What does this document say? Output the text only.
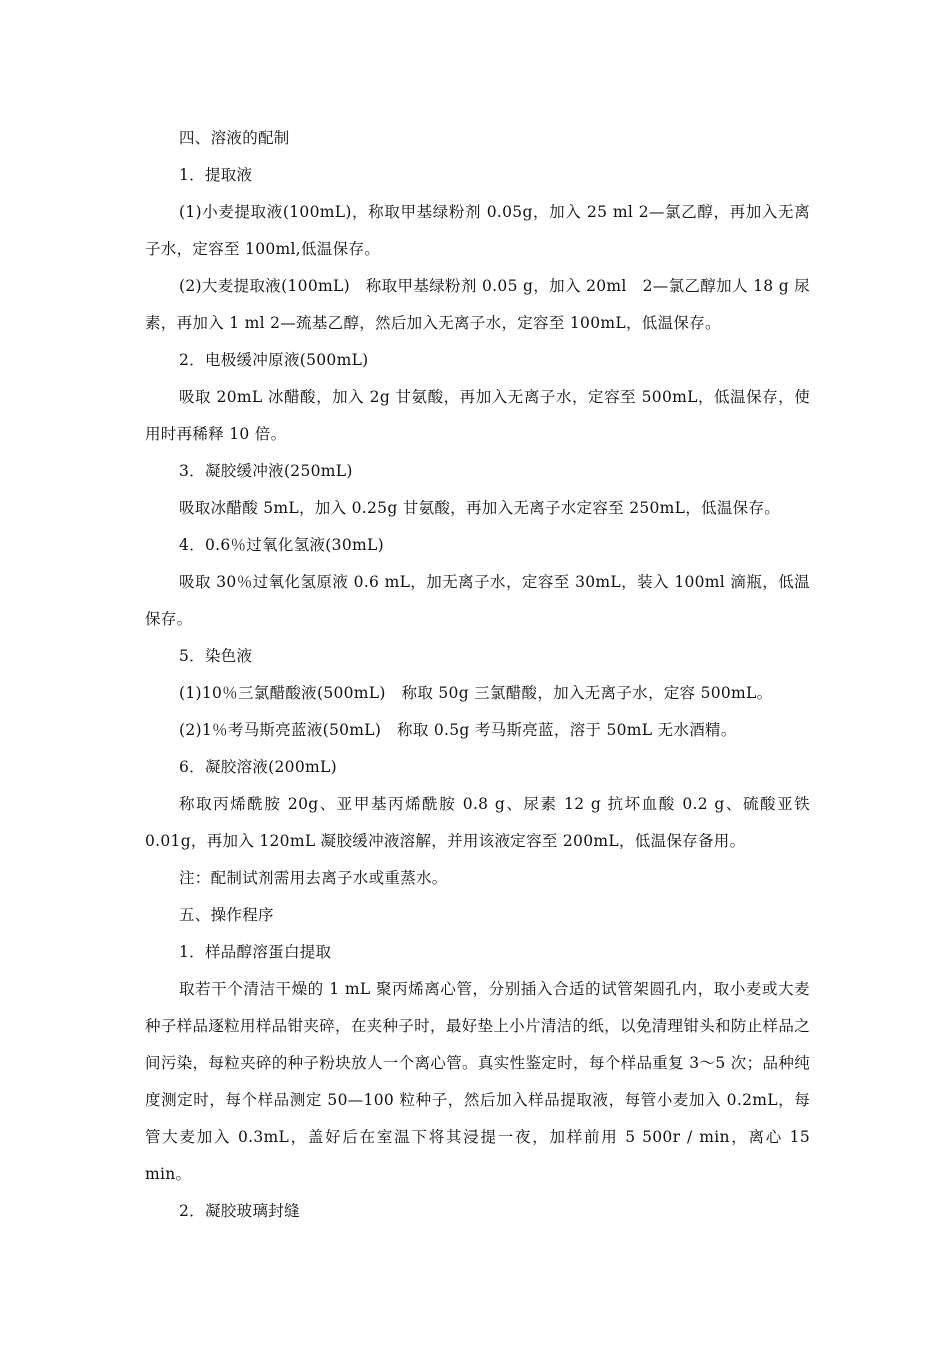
四、溶液的配制

1．提取液

(1)小麦提取液(100mL)，称取甲基绿粉剂 0.05g，加入 25 ml 2—氯乙醇，再加入无离子水，定容至 100ml,低温保存。

(2)大麦提取液(100mL)　称取甲基绿粉剂 0.05 g，加入 20ml　2—氯乙醇加人 18 g 尿素，再加入 1 ml 2—巯基乙醇，然后加入无离子水，定容至 100mL，低温保存。

2．电极缓冲原液(500mL)

吸取 20mL 冰醋酸，加入 2g 甘氨酸，再加入无离子水，定容至 500mL，低温保存，使用时再稀释 10 倍。

3．凝胶缓冲液(250mL)

吸取冰醋酸 5mL，加入 0.25g 甘氨酸，再加入无离子水定容至 250mL，低温保存。

4．0.6％过氧化氢液(30mL)

吸取 30％过氧化氢原液 0.6 mL，加无离子水，定容至 30mL，装入 100ml 滴瓶，低温保存。

5．染色液

(1)10％三氯醋酸液(500mL)　称取 50g 三氯醋酸，加入无离子水，定容 500mL。

(2)1％考马斯亮蓝液(50mL)　称取 0.5g 考马斯亮蓝，溶于 50mL 无水酒精。

6．凝胶溶液(200mL)

称取丙烯酰胺 20g、亚甲基丙烯酰胺 0.8 g、尿素 12 g 抗坏血酸 0.2 g、硫酸亚铁 0.01g，再加入 120mL 凝胶缓冲液溶解，并用该液定容至 200mL，低温保存备用。

注：配制试剂需用去离子水或重蒸水。

五、操作程序

1．样品醇溶蛋白提取

取若干个清洁干燥的 1 mL 聚丙烯离心管，分别插入合适的试管架圆孔内，取小麦或大麦种子样品逐粒用样品钳夹碎，在夹种子时，最好垫上小片清洁的纸，以免清理钳头和防止样品之间污染，每粒夹碎的种子粉块放人一个离心管。真实性鉴定时，每个样品重复 3～5 次；品种纯度测定时，每个样品测定 50—100 粒种子，然后加入样品提取液，每管小麦加入 0.2mL，每管大麦加入 0.3mL，盖好后在室温下将其浸提一夜，加样前用 5 500r / min，离心 15 min。

2．凝胶玻璃封缝
